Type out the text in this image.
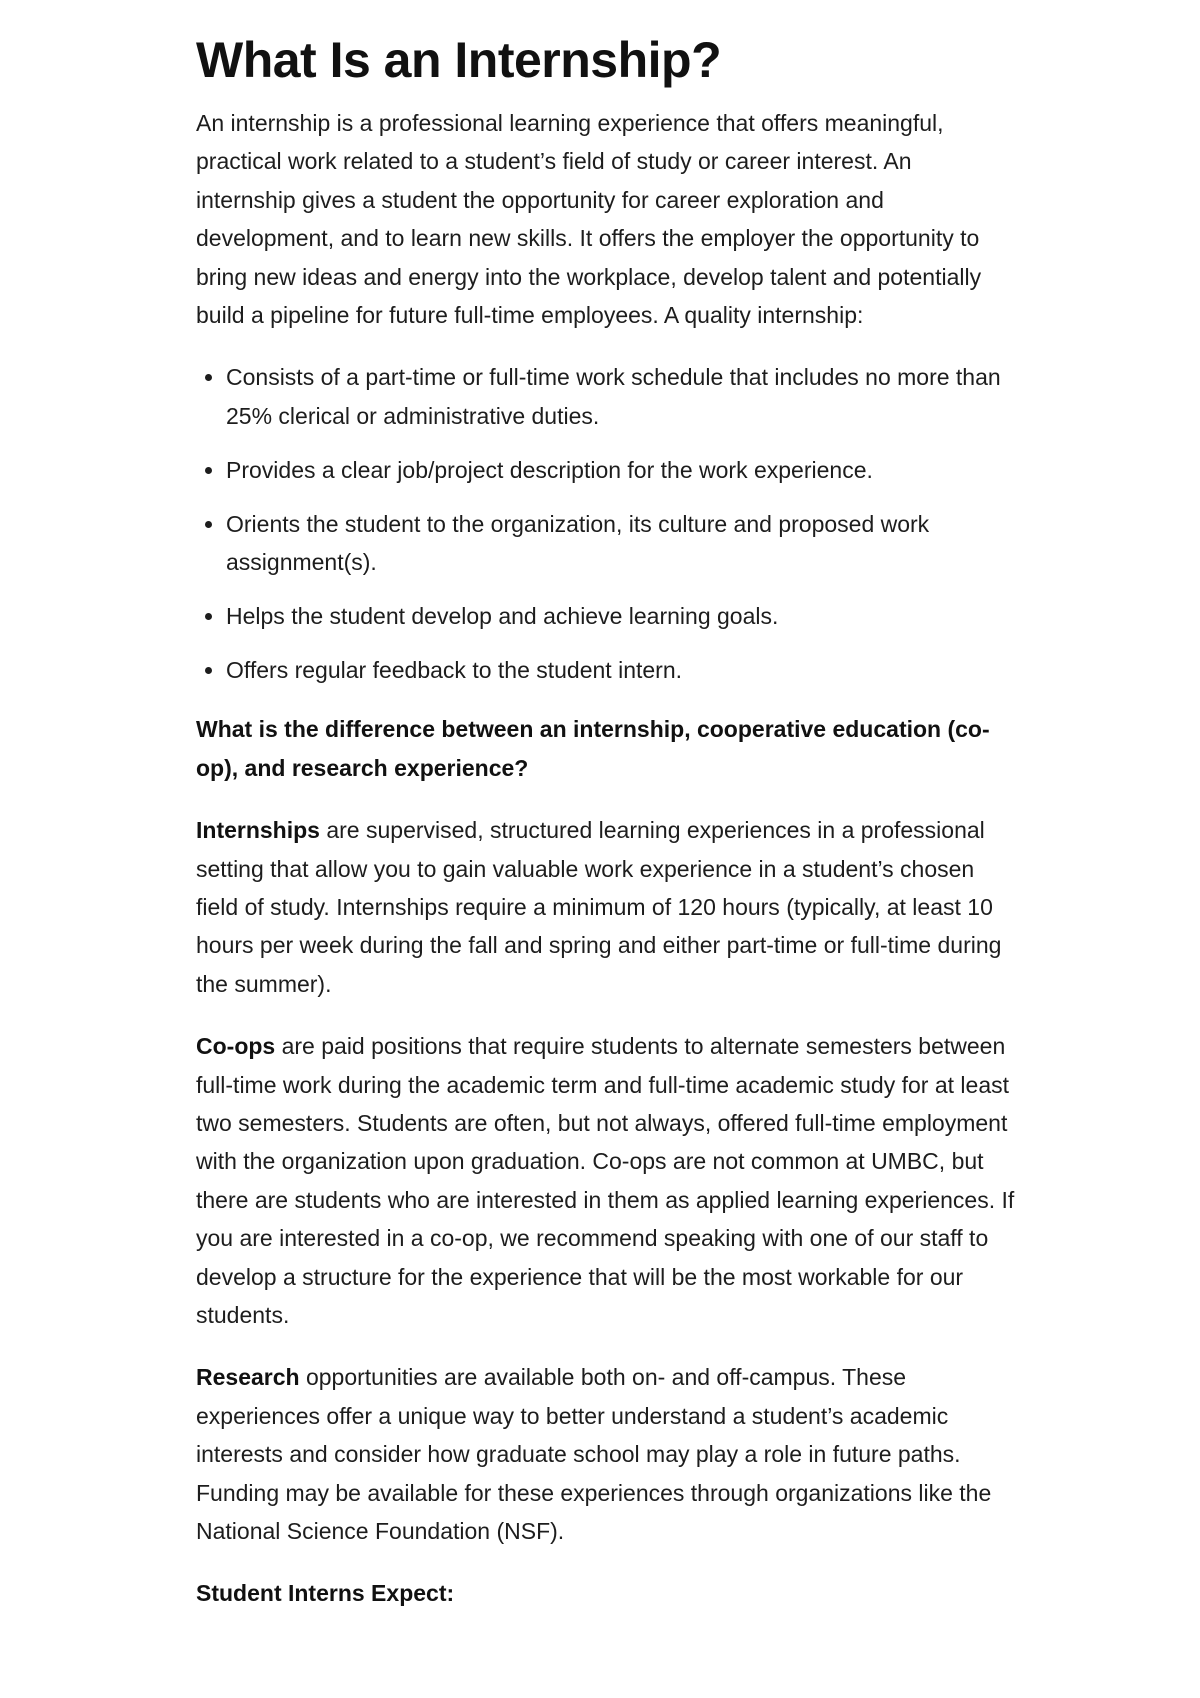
What Is an Internship?

An internship is a professional learning experience that offers meaningful, practical work related to a student’s field of study or career interest. An internship gives a student the opportunity for career exploration and development, and to learn new skills. It offers the employer the opportunity to bring new ideas and energy into the workplace, develop talent and potentially build a pipeline for future full-time employees. A quality internship:

Consists of a part-time or full-time work schedule that includes no more than 25% clerical or administrative duties.
Provides a clear job/project description for the work experience.
Orients the student to the organization, its culture and proposed work assignment(s).
Helps the student develop and achieve learning goals.
Offers regular feedback to the student intern.

What is the difference between an internship, cooperative education (co-op), and research experience?

Internships are supervised, structured learning experiences in a professional setting that allow you to gain valuable work experience in a student’s chosen field of study. Internships require a minimum of 120 hours (typically, at least 10 hours per week during the fall and spring and either part-time or full-time during the summer).

Co-ops are paid positions that require students to alternate semesters between full-time work during the academic term and full-time academic study for at least two semesters. Students are often, but not always, offered full-time employment with the organization upon graduation. Co-ops are not common at UMBC, but there are students who are interested in them as applied learning experiences. If you are interested in a co-op, we recommend speaking with one of our staff to develop a structure for the experience that will be the most workable for our students.

Research opportunities are available both on- and off-campus. These experiences offer a unique way to better understand a student’s academic interests and consider how graduate school may play a role in future paths. Funding may be available for these experiences through organizations like the National Science Foundation (NSF).

Student Interns Expect:
